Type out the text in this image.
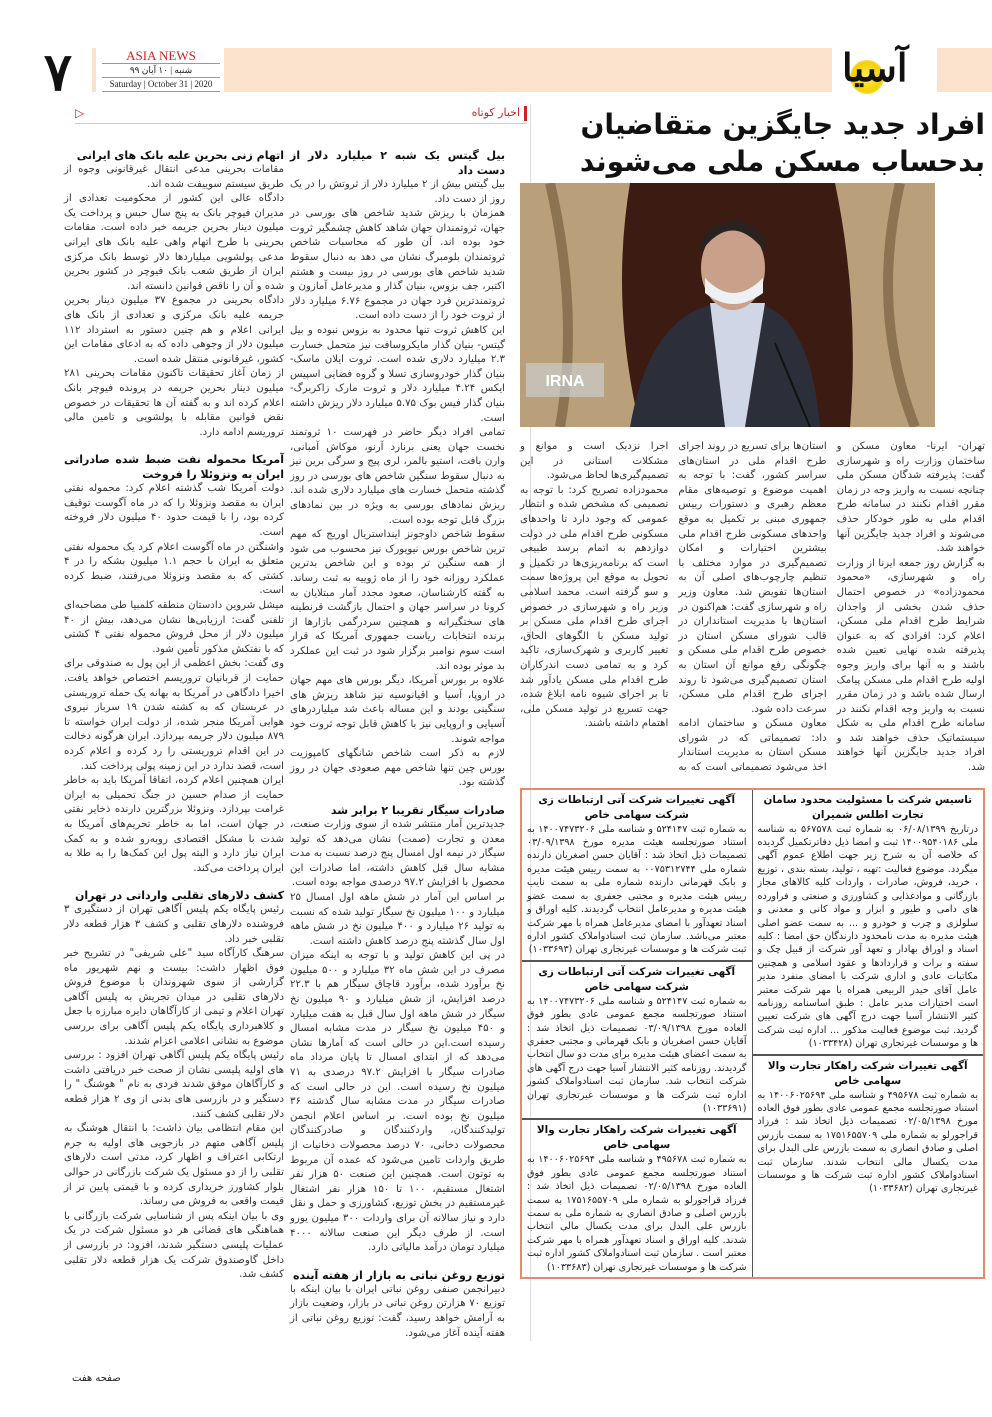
۷	ASIA NEWS
شنبه | ۱۰ آبان ۹۹
Saturday | October 31 | 2020	آسیا
اخبار کوتاه
▷	افراد جدید جایگزین متقاضیان
بدحساب مسکن ملی می‌شوند
IRNA

تهران- ایرنا- معاون مسکن و ساختمان وزارت راه و شهرسازی گفت: پذیرفته شدگان مسکن ملی چنانچه نسبت به واریز وجه در زمان مقرر اقدام نکنند در سامانه طرح اقدام ملی به طور خودکار حذف می‌شوند و افراد جدید جایگزین آنها خواهند شد.

به گزارش روز جمعه ایرنا از وزارت راه و شهرسازی، «محمود محمودزاده» در خصوص احتمال حذف شدن بخشی از واجدان شرایط طرح اقدام ملی مسکن، اعلام کرد: افرادی که به عنوان پذیرفته شده نهایی تعیین شده باشند و به آنها برای واریز وجوه اولیه طرح اقدام ملی مسکن پیامک ارسال شده باشد و در زمان مقرر نسبت به واریز وجه اقدام نکنند در سامانه طرح اقدام ملی به شکل سیستماتیک حذف خواهند شد و افراد جدید جایگزین آنها خواهند شد.

استان‌ها برای تسریع در روند اجرای طرح اقدام ملی در استان‌های سراسر کشور، گفت: با توجه به اهمیت موضوع و توصیه‌های مقام معظم رهبری و دستورات رییس جمهوری مبنی بر تکمیل به موقع واحدهای مسکونی طرح اقدام ملی بیشترین اختیارات و امکان تصمیم‌گیری در موارد مختلف با تنظیم چارچوب‌های اصلی آن به استان‌ها تفویض شد. معاون وزیر راه و شهرسازی گفت: هم‌اکنون در استان‌ها با مدیریت استانداران در قالب شورای مسکن استان در خصوص طرح اقدام ملی مسکن و چگونگی رفع موانع آن استان به استان تصمیم‌گیری می‌شود تا روند اجرای طرح اقدام ملی مسکن، سرعت داده شود.

معاون مسکن و ساختمان ادامه داد: تصمیماتی که در شورای مسکن استان به مدیریت استاندار اخذ می‌شود تصمیماتی است که به اجرا نزدیک است و موانع و مشکلات استانی در این تصمیم‌گیری‌ها لحاظ می‌شود.

محمودزاده تصریح کرد: با توجه به تصمیمی که مشخص شده و انتظار عمومی که وجود دارد تا واحدهای مسکونی طرح اقدام ملی در دولت دوازدهم به اتمام برسد طبیعی است که برنامه‌ریزی‌ها در تکمیل و تحویل به موقع این پروژه‌ها سمت و سو گرفته است. محمد اسلامی وزیر راه و شهرسازی در خصوص اجرای طرح اقدام ملی مسکن بر تولید مسکن با الگوهای الحاق، تغییر کاربری و شهرک‌سازی، تاکید کرد و به تمامی دست اندرکاران طرح اقدام ملی مسکن یادآور شد تا بر اجرای شیوه نامه ابلاغ شده، جهت تسریع در تولید مسکن ملی، اهتمام داشته باشند.

تاسیس شرکت با مسئولیت محدود سامان تجارت اطلس شمیران
درتاریخ ۰۶/۰۸/۱۳۹۹ به شماره ثبت ۵۶۷۵۷۸ به شناسه ملی ۱۴۰۰۹۵۴۰۱۸۶ ثبت و امضا ذیل دفاترتکمیل گردیده که خلاصه آن به شرح زیر جهت اطلاع عموم آگهی میگردد. موضوع فعالیت :تهیه ، تولید، بسته بندی ، توزیع ، خرید، فروش، صادرات ، واردات کلیه کالاهای مجاز بازرگانی و موادغذایی و کشاورزی و صنعتی و فراورده های دامی و طیور و ابزار و مواد کانی و معدنی و سلولزی و چرب و خودرو و ... به سمت عضو اصلی هیئت مدیره به مدت نامحدود دارندگان حق امضا : کلیه اسناد و اوراق بهادار و تعهد آور شرکت از قبیل چک و سفته و برات و قراردادها و عقود اسلامی و همچنین مکاتبات عادی و اداری شرکت با امضای منفرد مدیر عامل آقای حیدر الربیعی همراه با مهر شرکت معتبر است اختیارات مدیر عامل : طبق اساسنامه روزنامه کثیر الانتشار آسیا جهت درج آگهی های شرکت تعیین گردید. ثبت موضوع فعالیت مذکور ... اداره ثبت شرکت ها و موسسات غیرتجاری تهران (۱۰۳۳۴۲۸)
آگهی تغییرات شرکت راهکار تجارت والا سهامی خاص
به شماره ثبت ۴۹۵۶۷۸ و شناسه ملی ۱۴۰۰۶۰۲۵۶۹۴ به استناد صورتجلسه مجمع عمومی عادی بطور فوق العاده مورخ ۰۲/۰۵/۱۳۹۸ تصمیمات ذیل اتخاذ شد : فرزاد قراجورلو به شماره ملی ۱۷۵۱۶۵۵۷۰۹ به سمت بازرس اصلی و صادق انصاری به سمت بازرس علی البدل برای مدت یکسال مالی انتخاب شدند. سازمان ثبت اسنادواملاک کشور اداره ثبت شرکت ها و موسسات غیرتجاری تهران (۱۰۳۳۶۸۲)
آگهی تغییرات شرکت آتی ارتباطات زی شرکت سهامی خاص
به شماره ثبت ۵۲۴۱۴۷ و شناسه ملی ۱۴۰۰۷۴۷۳۲۰۶ به استناد صورتجلسه هیئت مدیره مورخ ۰۳/۰۹/۱۳۹۸ تصمیمات ذیل اتخاذ شد : آقایان حسن اصغریان دارنده شماره ملی ۰۰۷۵۳۱۲۷۴۴ به سمت رییس هیئت مدیره و بابک قهرمانی دارنده شماره ملی به سمت نایب رییس هیئت مدیره و مجتبی جعفری به سمت عضو هیئت مدیره و مدیرعامل انتخاب گردیدند. کلیه اوراق و اسناد تعهدآور با امضای مدیرعامل همراه با مهر شرکت معتبر می‌باشد. سازمان ثبت اسنادواملاک کشور اداره ثبت شرکت ها و موسسات غیرتجاری تهران (۱۰۳۳۶۹۳)
آگهی تغییرات شرکت آتی ارتباطات زی شرکت سهامی خاص
به شماره ثبت ۵۲۴۱۴۷ و شناسه ملی ۱۴۰۰۷۴۷۳۲۰۶ به استناد صورتجلسه مجمع عمومی عادی بطور فوق العاده مورخ ۰۳/۰۹/۱۳۹۸ تصمیمات ذیل اتخاذ شد : آقایان حسن اصغریان و بابک قهرمانی و مجتبی جعفری به سمت اعضای هیئت مدیره برای مدت دو سال انتخاب گردیدند. روزنامه کثیر الانتشار آسیا جهت درج آگهی های شرکت انتخاب شد. سازمان ثبت اسنادواملاک کشور اداره ثبت شرکت ها و موسسات غیرتجاری تهران (۱۰۳۳۶۹۱)
آگهی تغییرات شرکت راهکار تجارت والا سهامی خاص
به شماره ثبت ۴۹۵۶۷۸ و شناسه ملی ۱۴۰۰۶۰۲۵۶۹۴ به استناد صورتجلسه مجمع عمومی عادی بطور فوق العاده مورخ ۰۲/۰۵/۱۳۹۸ تصمیمات ذیل اتخاذ شد : فرزاد قراجورلو به شماره ملی ۱۷۵۱۶۵۵۷۰۹ به سمت بازرس اصلی و صادق انصاری به شماره ملی به سمت بازرس علی البدل برای مدت یکسال مالی انتخاب شدند. کلیه اوراق و اسناد تعهدآور همراه با مهر شرکت معتبر است . سازمان ثبت اسنادواملاک کشور اداره ثبت شرکت ها و موسسات غیرتجاری تهران (۱۰۳۳۶۸۳)
بیل گیتس یک شبه ۲ میلیارد دلار از دست داد

بیل گیتس بیش از ۲ میلیارد دلار از ثروتش را در یک روز از دست داد.

همزمان با ریزش شدید شاخص های بورسی در جهان، ثروتمندان جهان شاهد کاهش چشمگیر ثروت خود بوده اند. آن طور که محاسبات شاخص ثروتمندان بلومبرگ نشان می دهد به دنبال سقوط شدید شاخص های بورسی در روز بیست و هشتم اکتبر، جف بزوس، بنیان گذار و مدیرعامل آمازون و ثروتمندترین فرد جهان در مجموع ۶.۷۶ میلیارد دلار از ثروت خود را از دست داده است.

این کاهش ثروت تنها محدود به بزوس نبوده و بیل گیتس- بنیان گذار مایکروسافت نیز متحمل خسارت ۲.۳ میلیارد دلاری شده است. ثروت ایلان ماسک- بنیان گذار خودروسازی تسلا و گروه فضایی اسپیس ایکس ۴.۲۴ میلیارد دلار و ثروت مارک زاکربرگ- بنیان گذار فیس بوک ۵.۷۵ میلیارد دلار ریزش داشته است.

تمامی افراد دیگر حاضر در فهرست ۱۰ ثروتمند نخست جهان یعنی برنارد آرنو، موکاش آمبانی، وارن بافت، استیو بالمر، لری پیج و سرگی برین نیز به دنبال سقوط سنگین شاخص های بورسی در روز گذشته متحمل خسارت های میلیارد دلاری شده اند. ریزش نمادهای بورسی به ویژه در بین نمادهای بزرگ قابل توجه بوده است.

سقوط شاخص داوجونز اینداستریال اوریج که مهم ترین شاخص بورس نیویورک نیز محسوب می شود از همه سنگین تر بوده و این شاخص بدترین عملکرد روزانه خود را از ماه ژوییه به ثبت رساند. به گفته کارشناسان، صعود مجدد آمار مبتلایان به کرونا در سراسر جهان و احتمال بازگشت قرنطینه های سختگیرانه و همچنین سردرگمی بازارها از برنده انتخابات ریاست جمهوری آمریکا که قرار است سوم نوامبر برگزار شود در ثبت این عملکرد بد موثر بوده اند.

علاوه بر بورس آمریکا، دیگر بورس های مهم جهان در اروپا، آسیا و اقیانوسیه نیز شاهد ریزش های سنگینی بودند و این مساله باعث شد میلیاردرهای آسیایی و اروپایی نیز با کاهش قابل توجه ثروت خود مواجه شوند.

لازم به ذکر است شاخص شانگهای کامپوزیت بورس چین تنها شاخص مهم صعودی جهان در روز گذشته بود.

صادرات سیگار تقریبا ۲ برابر شد

جدیدترین آمار منتشر شده از سوی وزارت صنعت، معدن و تجارت (صمت) نشان می‌دهد که تولید سیگار در نیمه اول امسال پنج درصد نسبت به مدت مشابه سال قبل کاهش داشته، اما صادرات این محصول با افزایش ۹۷.۲ درصدی مواجه بوده است.

بر اساس این آمار در شش ماهه اول امسال ۲۵ میلیارد و ۱۰۰ میلیون نخ سیگار تولید شده که نسبت به تولید ۲۶ میلیارد و ۴۰۰ میلیون نخ در شش ماهه اول سال گذشته پنج درصد کاهش داشته است.

در پی این کاهش تولید و با توجه به اینکه میزان مصرف در این شش ماه ۳۲ میلیارد و ۵۰۰ میلیون نخ برآورد شده، برآورد قاچاق سیگار هم با ۲۲.۳ درصد افزایش، از شش میلیارد و ۹۰ میلیون نخ سیگار در شش ماهه اول سال قبل به هفت میلیارد و ۴۵۰ میلیون نخ سیگار در مدت مشابه امسال رسیده است.این در حالی است که آمارها نشان می‌دهد که از ابتدای امسال تا پایان مرداد ماه صادرات سیگار با افزایش ۹۷.۲ درصدی به ۷۱ میلیون نخ رسیده است. این در حالی است که صادرات سیگار در مدت مشابه سال گذشته ۳۶ میلیون نخ بوده است. بر اساس اعلام انجمن تولیدکنندگان، واردکنندگان و صادرکنندگان محصولات دخانی، ۷۰ درصد محصولات دخانیات از طریق واردات تامین می‌شود که عمده آن مربوط به توتون است. همچنین این صنعت ۵۰ هزار نفر اشتغال مستقیم، ۱۰۰ تا ۱۵۰ هزار نفر اشتغال غیرمستقیم در بخش توزیع، کشاورزی و حمل و نقل دارد و نیاز سالانه آن برای واردات ۳۰۰ میلیون یورو است. از طرف دیگر این صنعت سالانه ۴۰۰۰ میلیارد تومان درآمد مالیاتی دارد.

توزیع روغن نباتی به بازار از هفته آینده

دبیرانجمن صنفی روغن نباتی ایران با بیان اینکه با توزیع ۷۰ هزارتن روغن نباتی در بازار، وضعیت بازار به آرامش خواهد رسید، گفت: توزیع روغن نباتی از هفته آینده آغاز می‌شود.

اتهام زنی بحرین علیه بانک های ایرانی

مقامات بحرینی مدعی انتقال غیرقانونی وجوه از طریق سیستم سوییفت شده اند.

دادگاه عالی این کشور از محکومیت تعدادی از مدیران فیوچر بانک به پنج سال حبس و پرداخت یک میلیون دینار بحرین جریمه خبر داده است. مقامات بحرینی با طرح اتهام واهی علیه بانک های ایرانی مدعی پولشویی میلیاردها دلار توسط بانک مرکزی ایران از طریق شعب بانک فیوچر در کشور بحرین شده و آن را ناقض قوانین دانسته اند.

دادگاه بحرینی در مجموع ۳۷ میلیون دینار بحرین جریمه علیه بانک مرکزی و تعدادی از بانک های ایرانی اعلام و هم چنین دستور به استرداد ۱۱۲ میلیون دلار از وجوهی داده که به ادعای مقامات این کشور، غیرقانونی منتقل شده است.

از زمان آغاز تحقیقات تاکنون مقامات بحرینی ۲۸۱ میلیون دینار بحرین جریمه در پرونده فیوچر بانک اعلام کرده اند و به گفته آن ها تحقیقات در خصوص نقض قوانین مقابله با پولشویی و تامین مالی تروریسم ادامه دارد.

آمریکا محموله نفت ضبط شده صادراتی ایران به ونزوئلا را فروخت

دولت آمریکا شب گذشته اعلام کرد: محموله نفتی ایران به مقصد ونزوئلا را که در ماه آگوست توقیف کرده بود، را با قیمت حدود ۴۰ میلیون دلار فروخته است.

واشنگتن در ماه آگوست اعلام کرد یک محموله نفتی متعلق به ایران با حجم ۱.۱ میلیون بشکه را در ۴ کشتی که به مقصد ونزوئلا می‌رفتند، ضبط کرده است.

میشل شروین دادستان منطقه کلمبیا طی مصاحبه‌ای تلفنی گفت: ارزیابی‌ها نشان می‌دهد، بیش از ۴۰ میلیون دلار از محل فروش محموله نفتی ۴ کشتی که با نفتکش مذکور تأمین شود.

وی گفت: بخش اعظمی از این پول به صندوقی برای حمایت از قربانیان تروریسم اختصاص خواهد یافت. اخیرا دادگاهی در آمریکا به بهانه یک حمله تروریستی در عربستان که به کشته شدن ۱۹ سرباز نیروی هوایی آمریکا منجر شده، از دولت ایران خواسته تا ۸۷۹ میلیون دلار جریمه بپردازد. ایران هرگونه دخالت در این اقدام تروریستی را رد کرده و اعلام کرده است، قصد ندارد در این زمینه پولی پرداخت کند.

ایران همچنین اعلام کرده، اتفاقا آمریکا باید به خاطر حمایت از صدام حسین در جنگ تحمیلی به ایران غرامت بپردازد. ونزوئلا بزرگترین دارنده ذخایر نفتی در جهان است، اما به خاطر تحریم‌های آمریکا به شدت با مشکل اقتصادی روبه‌رو شده و به کمک ایران نیاز دارد و البته پول این کمک‌ها را به طلا به ایران پرداخت می‌کند.

کشف دلارهای تقلبی وارداتی در تهران

رئیس پایگاه یکم پلیس آگاهی تهران از دستگیری ۳ فروشنده دلارهای تقلبی و کشف ۳ هزار قطعه دلار تقلبی خبر داد.

سرهنگ کارآگاه سید "علی شریفی" در تشریح خبر فوق اظهار داشت: بیست و نهم شهریور ماه گزارشی از سوی شهروندان با موضوع فروش دلارهای تقلبی در میدان تجریش به پلیس آگاهی تهران اعلام و تیمی از کارآگاهان دایره مبارزه با جعل و کلاهبرداری پایگاه یکم پلیس آگاهی برای بررسی موضوع به نشانی اعلامی اعزام شدند.

رئیس پایگاه یکم پلیس آگاهی تهران افزود : بررسی های اولیه پلیسی نشان از صحت خبر دریافتی داشت و کارآگاهان موفق شدند فردی به نام " هوشنگ " را دستگیر و در بازرسی های بدنی از وی ۲ هزار قطعه دلار تقلبی کشف کنند.

این مقام انتظامی بیان داشت: با انتقال هوشنگ به پلیس آگاهی متهم در بازجویی های اولیه به جرم ارتکابی اعتراف و اظهار کرد، مدتی است دلارهای تقلبی را از دو مسئول یک شرکت بازرگانی در حوالی بلوار کشاورز خریداری کرده و با قیمتی پایین تر از قیمت واقعی به فروش می رساند.

وی با بیان اینکه پس از شناسایی شرکت بازرگانی با هماهنگی های قضائی هر دو مسئول شرکت در یک عملیات پلیسی دستگیر شدند، افزود: در بازرسی از داخل گاوصندوق شرکت یک هزار قطعه دلار تقلبی کشف شد.

صفحه هفت
